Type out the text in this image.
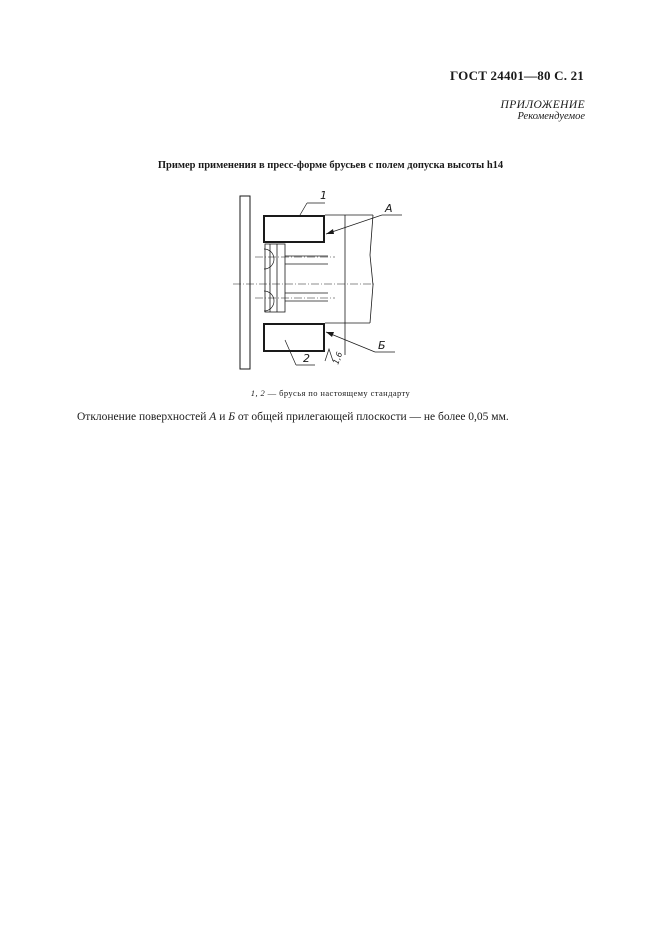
ГОСТ 24401—80 С. 21
ПРИЛОЖЕНИЕ
Рекомендуемое
Пример применения в пресс-форме брусьев с полем допуска высоты h14
1
2
А
Б
1,6
1, 2 — брусья по настоящему стандарту
Отклонение поверхностей А и Б от общей прилегающей плоскости — не более 0,05 мм.
